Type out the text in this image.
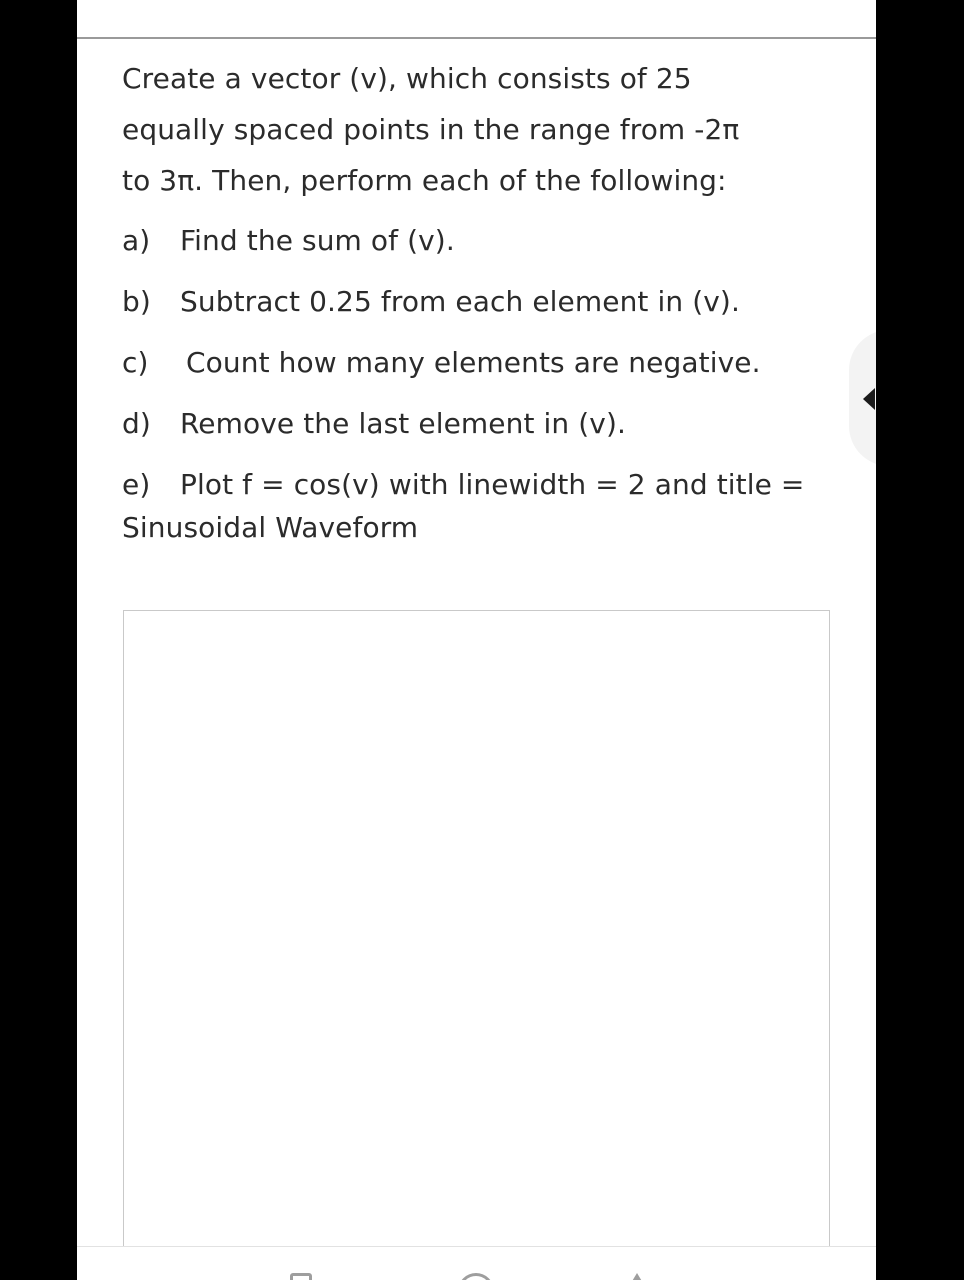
Create a vector (v), which consists of 25
equally spaced points in the range from -2π
to 3π. Then, perform each of the following:
a) Find the sum of (v).
b) Subtract 0.25 from each element in (v).
c) Count how many elements are negative.
d) Remove the last element in (v).
e) Plot f = cos(v) with linewidth = 2 and title =
Sinusoidal Waveform
